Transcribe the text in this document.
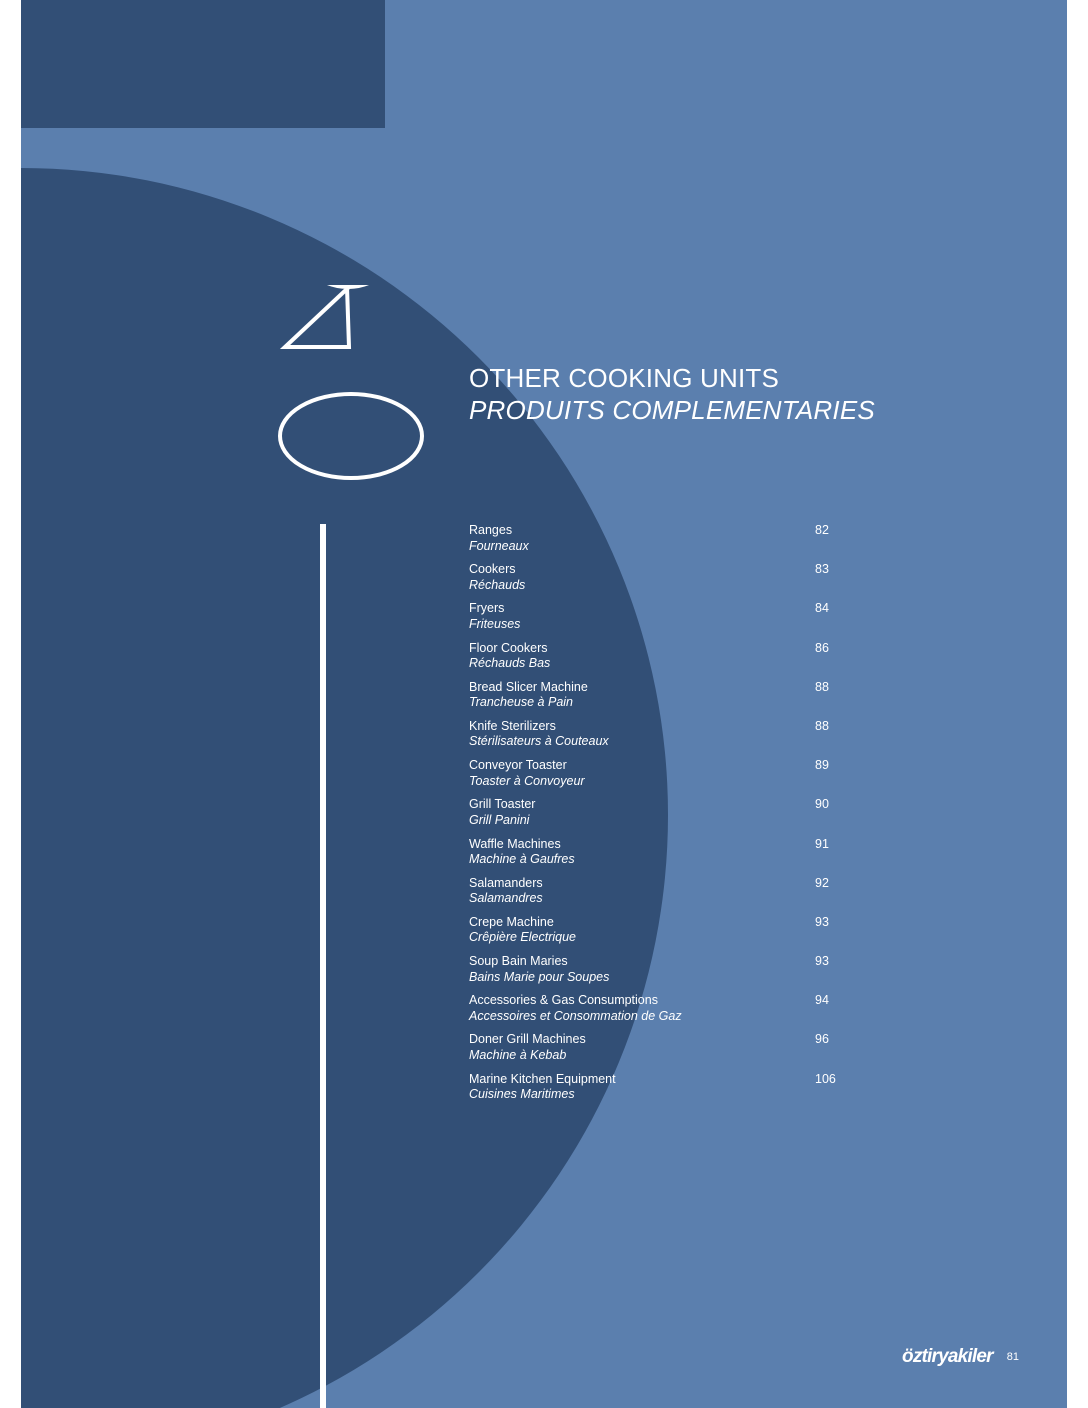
OTHER COOKING UNITS
PRODUITS COMPLEMENTARIES
Ranges
Fourneaux
82
Cookers
Réchauds
83
Fryers
Friteuses
84
Floor Cookers
Réchauds Bas
86
Bread Slicer Machine
Trancheuse à Pain
88
Knife Sterilizers
Stérilisateurs à Couteaux
88
Conveyor Toaster
Toaster à Convoyeur
89
Grill Toaster
Grill Panini
90
Waffle Machines
Machine à Gaufres
91
Salamanders
Salamandres
92
Crepe Machine
Crêpière Electrique
93
Soup Bain Maries
Bains Marie pour Soupes
93
Accessories & Gas Consumptions
Accessoires et Consommation de Gaz
94
Doner Grill Machines
Machine à Kebab
96
Marine Kitchen Equipment
Cuisines Maritimes
106
öztiryakiler 81
